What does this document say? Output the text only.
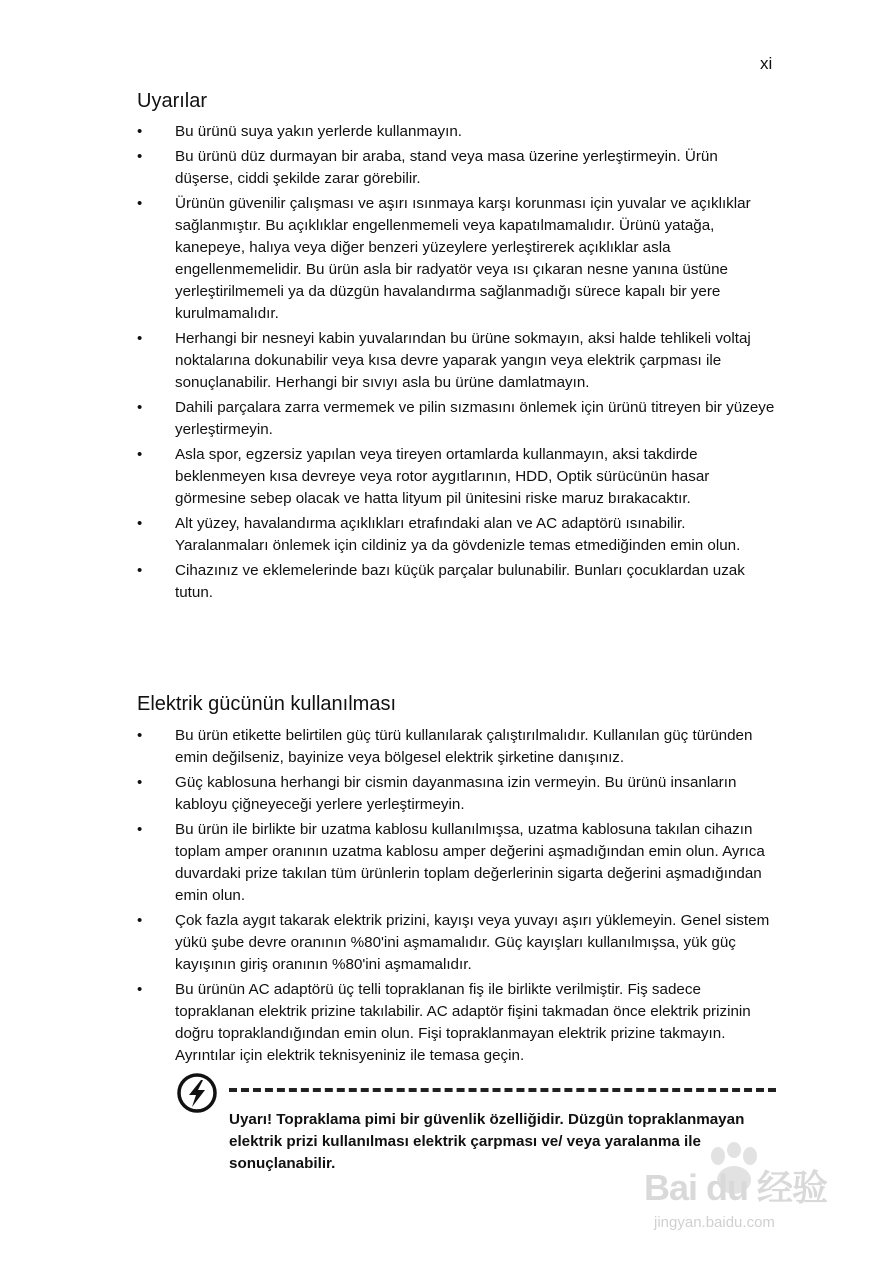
xi
Uyarılar
• Bu ürünü suya yakın yerlerde kullanmayın.
• Bu ürünü düz durmayan bir araba, stand veya masa üzerine yerleştirmeyin. Ürün düşerse, ciddi şekilde zarar görebilir.
• Ürünün güvenilir çalışması ve aşırı ısınmaya karşı korunması için yuvalar ve açıklıklar sağlanmıştır. Bu açıklıklar engellenmemeli veya kapatılmamalıdır. Ürünü yatağa, kanepeye, halıya veya diğer benzeri yüzeylere yerleştirerek açıklıklar asla engellenmemelidir. Bu ürün asla bir radyatör veya ısı çıkaran nesne yanına üstüne yerleştirilmemeli ya da düzgün havalandırma sağlanmadığı sürece kapalı bir yere kurulmamalıdır.
• Herhangi bir nesneyi kabin yuvalarından bu ürüne sokmayın, aksi halde tehlikeli voltaj noktalarına dokunabilir veya kısa devre yaparak yangın veya elektrik çarpması ile sonuçlanabilir. Herhangi bir sıvıyı asla bu ürüne damlatmayın.
• Dahili parçalara zarra vermemek ve pilin sızmasını önlemek için ürünü titreyen bir yüzeye yerleştirmeyin.
• Asla spor, egzersiz yapılan veya tireyen ortamlarda kullanmayın, aksi takdirde beklenmeyen kısa devreye veya rotor aygıtlarının, HDD, Optik sürücünün hasar görmesine sebep olacak ve hatta lityum pil ünitesini riske maruz bırakacaktır.
• Alt yüzey, havalandırma açıklıkları etrafındaki alan ve AC adaptörü ısınabilir. Yaralanmaları önlemek için cildiniz ya da gövdenizle temas etmediğinden emin olun.
• Cihazınız ve eklemelerinde bazı küçük parçalar bulunabilir. Bunları çocuklardan uzak tutun.
Elektrik gücünün kullanılması
• Bu ürün etikette belirtilen güç türü kullanılarak çalıştırılmalıdır. Kullanılan güç türünden emin değilseniz, bayinize veya bölgesel elektrik şirketine danışınız.
• Güç kablosuna herhangi bir cismin dayanmasına izin vermeyin. Bu ürünü insanların kabloyu çiğneyeceği yerlere yerleştirmeyin.
• Bu ürün ile birlikte bir uzatma kablosu kullanılmışsa, uzatma kablosuna takılan cihazın toplam amper oranının uzatma kablosu amper değerini aşmadığından emin olun. Ayrıca duvardaki prize takılan tüm ürünlerin toplam değerlerinin sigarta değerini aşmadığından emin olun.
• Çok fazla aygıt takarak elektrik prizini, kayışı veya yuvayı aşırı yüklemeyin. Genel sistem yükü şube devre oranının %80'ini aşmamalıdır. Güç kayışları kullanılmışsa, yük güç kayışının giriş oranının %80'ini aşmamalıdır.
• Bu ürünün AC adaptörü üç telli topraklanan fiş ile birlikte verilmiştir. Fiş sadece topraklanan elektrik prizine takılabilir. AC adaptör fişini takmadan önce elektrik prizinin doğru topraklandığından emin olun. Fişi topraklanmayan elektrik prizine takmayın. Ayrıntılar için elektrik teknisyeniniz ile temasa geçin.
Uyarı! Topraklama pimi bir güvenlik özelliğidir. Düzgün topraklanmayan elektrik prizi kullanılması elektrik çarpması ve/ veya yaralanma ile sonuçlanabilir.
Bai du 经验
jingyan.baidu.com
